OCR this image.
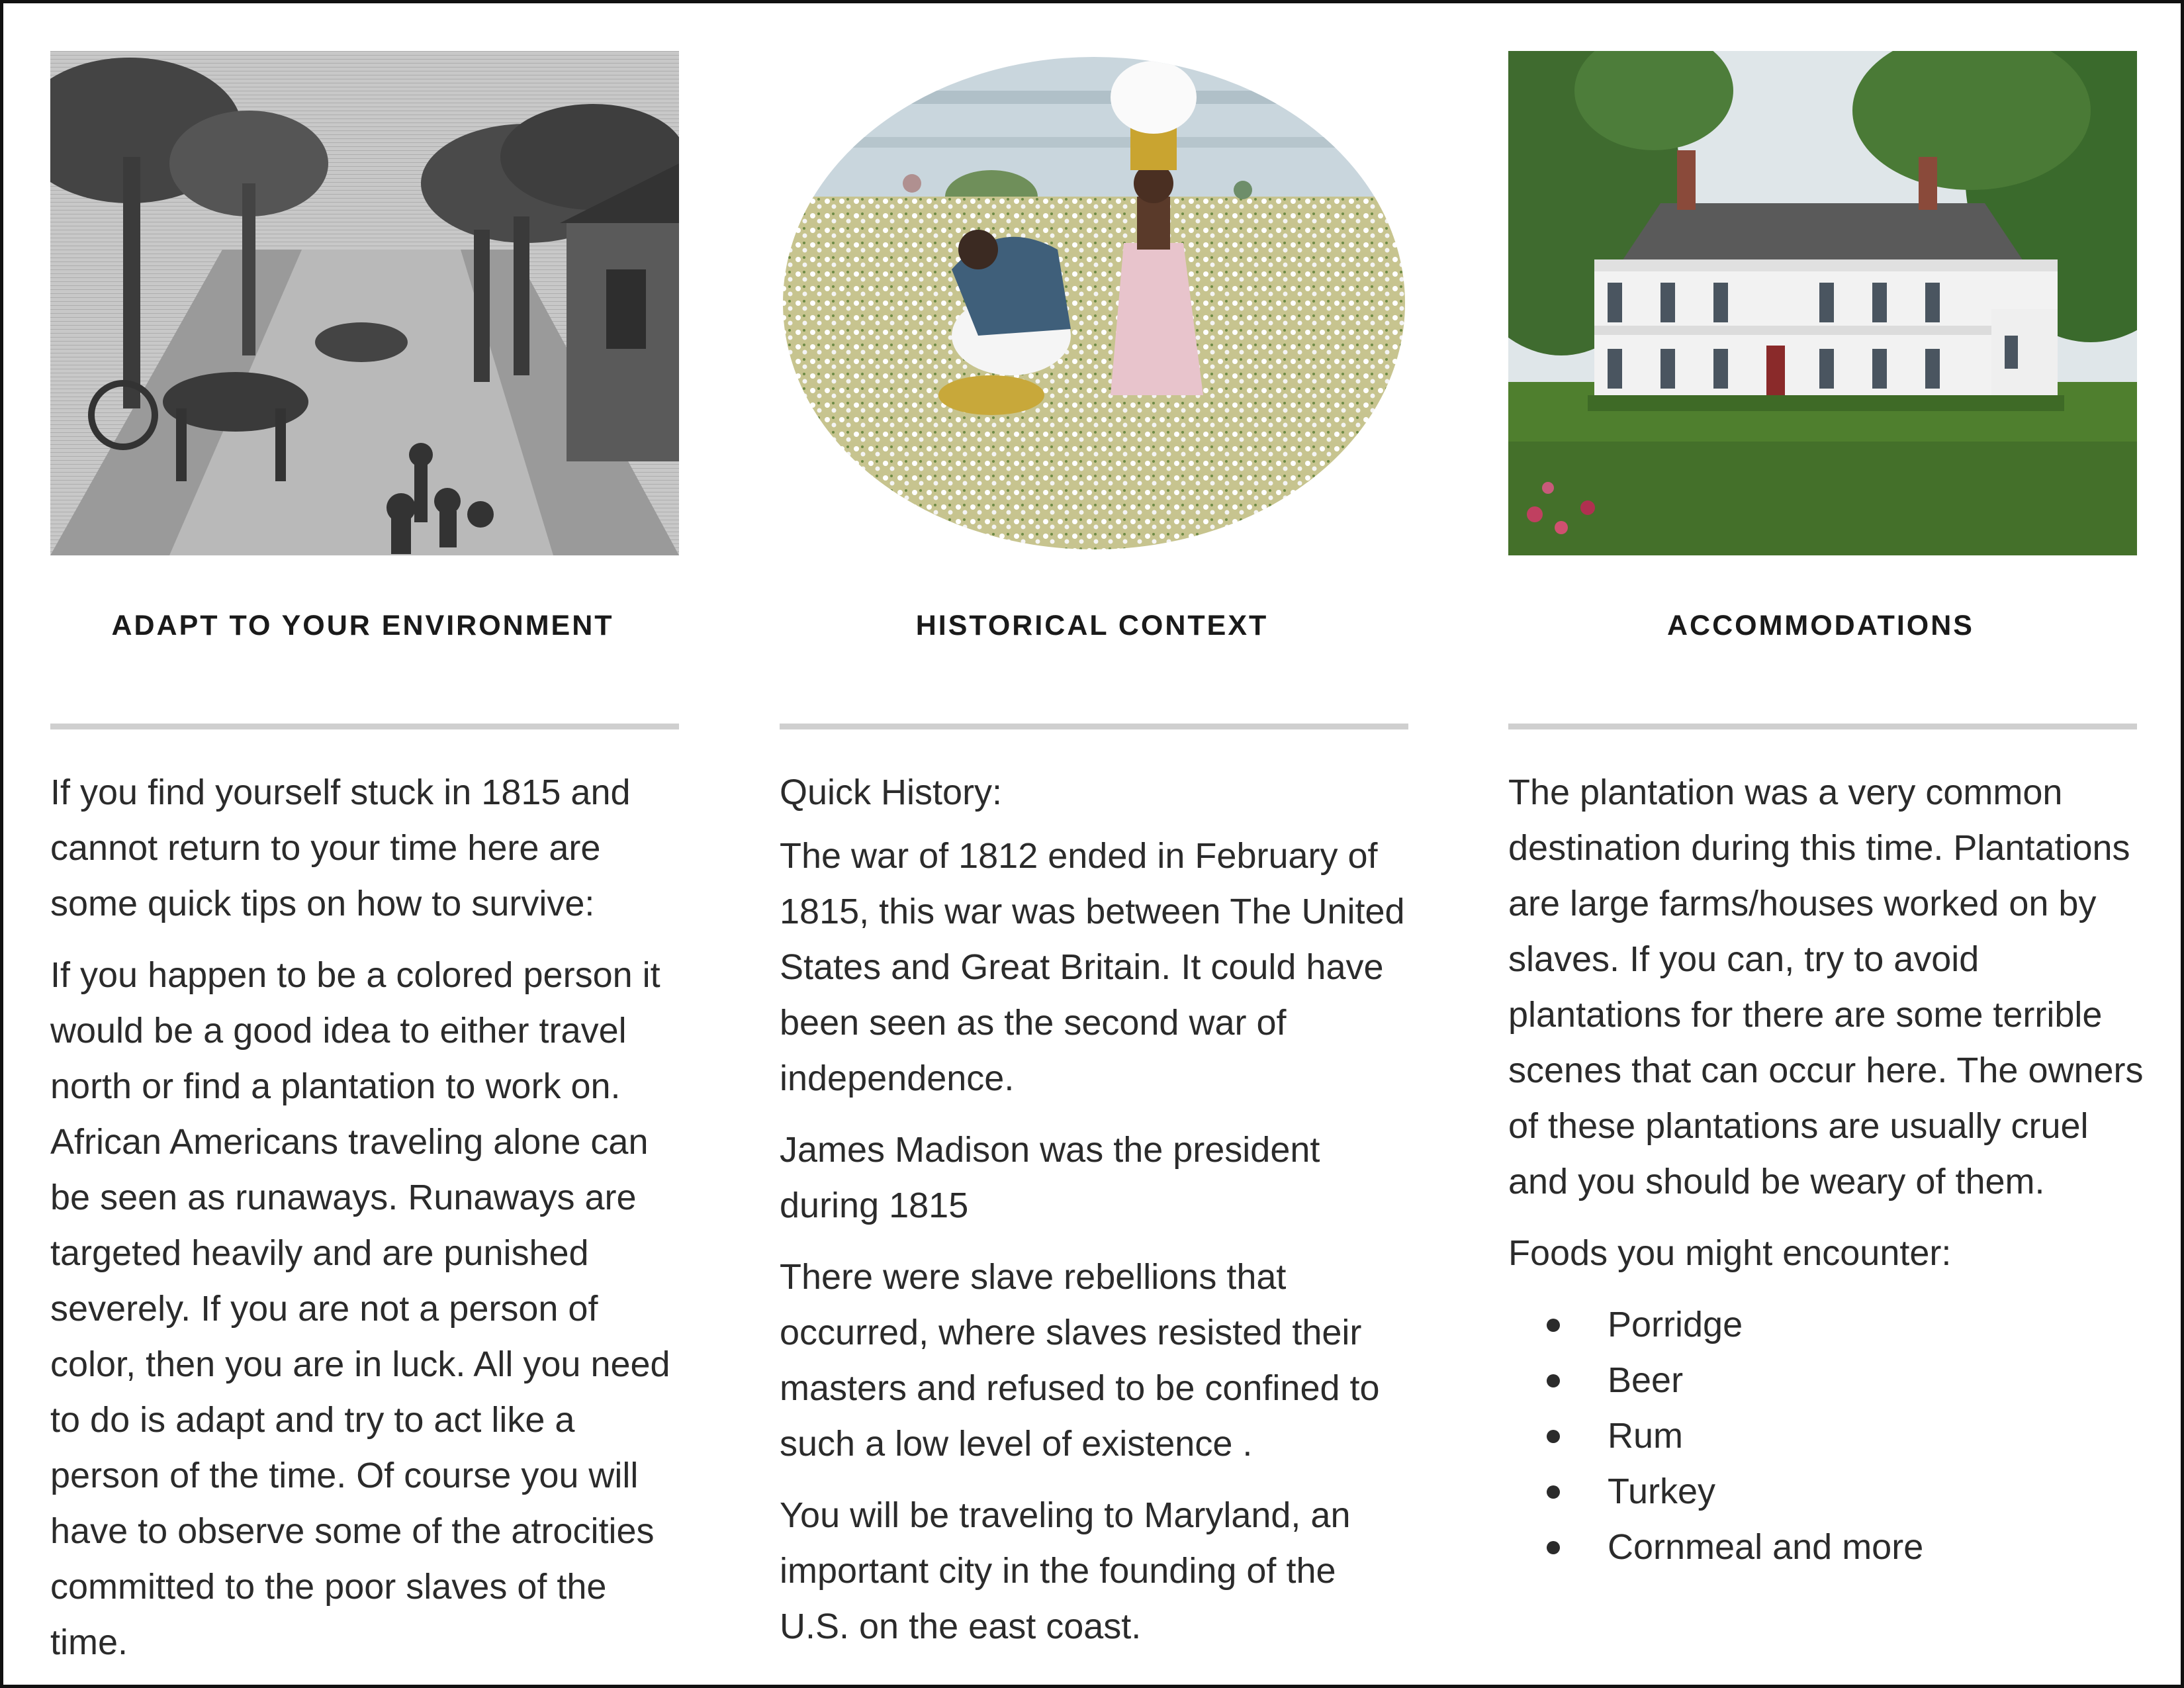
ADAPT TO YOUR ENVIRONMENT

If you find yourself stuck in 1815 and cannot return to your time here are some quick tips on how to survive:

If you happen to be a colored person it would be a good idea to either travel north or find a plantation to work on. African Americans traveling alone can be seen as runaways. Runaways are targeted heavily and are punished severely. If you are not a person of color, then you are in luck. All you need to do is adapt and try to act like a person of the time. Of course you will have to observe some of the atrocities committed to the poor slaves of the time.

HISTORICAL CONTEXT

Quick History:

The war of 1812 ended in February of 1815, this war was between The United States and Great Britain. It could have been seen as the second war of independence.

James Madison was the president during 1815

There were slave rebellions that occurred, where slaves resisted their masters and refused to be confined to such a low level of existence .

You will be traveling to Maryland, an important city in the founding of the U.S. on the east coast.

ACCOMMODATIONS

The plantation was a very common destination during this time. Plantations are large farms/houses worked on by slaves. If you can, try to avoid plantations for there are some terrible scenes that can occur here. The owners of these plantations are usually cruel and you should be weary of them.

Foods you might encounter:

Porridge
Beer
Rum
Turkey
Cornmeal and more
